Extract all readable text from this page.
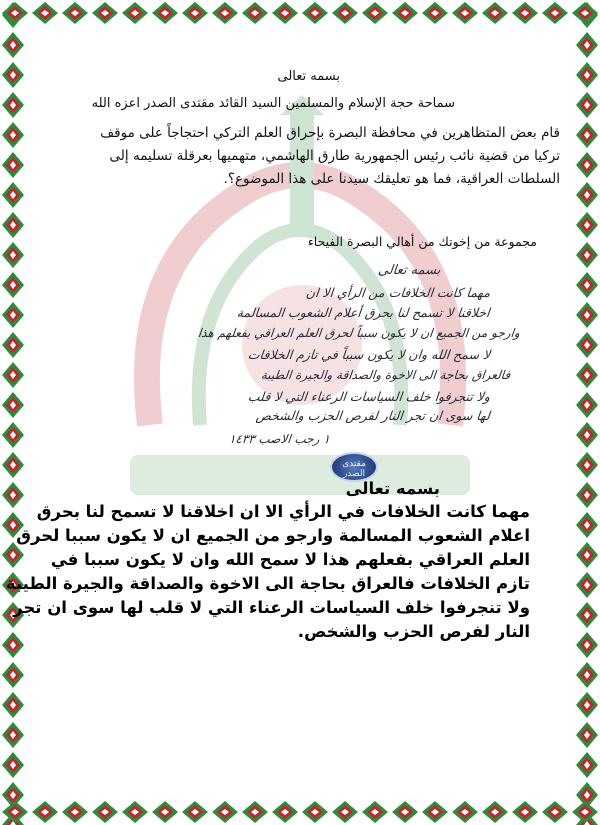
بسمه تعالى
سماحة حجة الإسلام والمسلمين السيد القائد مقتدى الصدر اعزه الله
قام بعض المتظاهرين في محافظة البصرة بإحراق العلم التركي احتجاجاً على موقف
تركيا من قضية نائب رئيس الجمهورية طارق الهاشمي، متهميها بعرقلة تسليمه إلى
السلطات العراقية، فما هو تعليقك سيدنا على هذا الموضوع؟.
مجموعة من إخوتك من أهالي البصرة الفيحاء
بسمه تعالى
مهما كانت الخلافات من الرأي الا ان
اخلاقنا لا تسمح لنا بحرق أعلام الشعوب المسالمة
وارجو من الجميع ان لا يكون سبباً لحرق العلم العراقي بفعلهم هذا
لا سمح الله وان لا يكون سبباً في تازم الخلافات
فالعراق بحاجة الى الاخوة والصداقة والجيرة الطيبة
ولا تنجرفوا خلف السياسات الرعناء التي لا قلب
لها سوى ان تجر النار لفرص الحزب والشخص
١ رجب الاصب ١٤٣٣
مقتدى الصدر
بسمه تعالى
مهما كانت الخلافات في الرأي الا ان اخلاقنا لا تسمح لنا بحرق
اعلام الشعوب المسالمة وارجو من الجميع ان لا يكون سببا لحرق
العلم العراقي بفعلهم هذا لا سمح الله وان لا يكون سببا في
تازم الخلافات فالعراق بحاجة الى الاخوة والصداقة والجيرة الطيبة
ولا تنجرفوا خلف السياسات الرعناء التي لا قلب لها سوى ان تجر
النار لفرص الحزب والشخص.
